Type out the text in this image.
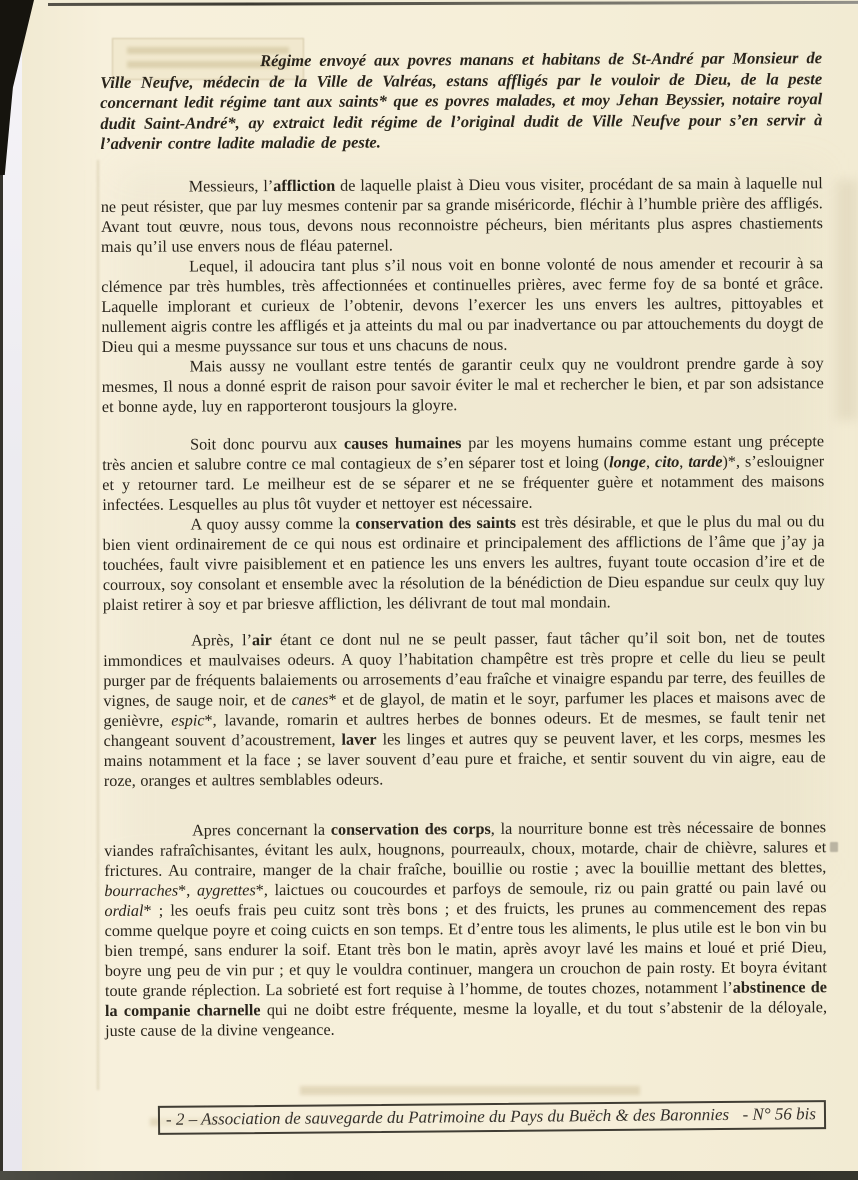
Régime envoyé aux povres manans et habitans de St-André par Monsieur de Ville Neufve, médecin de la Ville de Valréas, estans affligés par le vouloir de Dieu, de la peste concernant ledit régime tant aux saints* que es povres malades, et moy Jehan Beyssier, notaire royal dudit Saint-André*, ay extraict ledit régime de l’original dudit de Ville Neufve pour s’en servir à l’advenir contre ladite maladie de peste.

Messieurs, l’affliction de laquelle plaist à Dieu vous visiter, procédant de sa main à laquelle nul ne peut résister, que par luy mesmes contenir par sa grande miséricorde, fléchir à l’humble prière des affligés. Avant tout œuvre, nous tous, devons nous reconnoistre pécheurs, bien méritants plus aspres chastiements mais qu’il use envers nous de fléau paternel.

Lequel, il adoucira tant plus s’il nous voit en bonne volonté de nous amender et recourir à sa clémence par très humbles, très affectionnées et continuelles prières, avec ferme foy de sa bonté et grâce. Laquelle implorant et curieux de l’obtenir, devons l’exercer les uns envers les aultres, pittoyables et nullement aigris contre les affligés et ja atteints du mal ou par inadvertance ou par attouchements du doygt de Dieu qui a mesme puyssance sur tous et uns chacuns de nous.

Mais aussy ne voullant estre tentés de garantir ceulx quy ne vouldront prendre garde à soy mesmes, Il nous a donné esprit de raison pour savoir éviter le mal et rechercher le bien, et par son adsistance et bonne ayde, luy en rapporteront tousjours la gloyre.

Soit donc pourvu aux causes humaines par les moyens humains comme estant ung précepte très ancien et salubre contre ce mal contagieux de s’en séparer tost et loing (longe, cito, tarde)*, s’eslouigner et y retourner tard. Le meilheur est de se séparer et ne se fréquenter guère et notamment des maisons infectées. Lesquelles au plus tôt vuyder et nettoyer est nécessaire.

A quoy aussy comme la conservation des saints est très désirable, et que le plus du mal ou du bien vient ordinairement de ce qui nous est ordinaire et principalement des afflictions de l’âme que j’ay ja touchées, fault vivre paisiblement et en patience les uns envers les aultres, fuyant toute occasion d’ire et de courroux, soy consolant et ensemble avec la résolution de la bénédiction de Dieu espandue sur ceulx quy luy plaist retirer à soy et par briesve affliction, les délivrant de tout mal mondain.

Après, l’air étant ce dont nul ne se peult passer, faut tâcher qu’il soit bon, net de toutes immondices et maulvaises odeurs. A quoy l’habitation champêtre est très propre et celle du lieu se peult purger par de fréquents balaiements ou arrosements d’eau fraîche et vinaigre espandu par terre, des feuilles de vignes, de sauge noir, et de canes* et de glayol, de matin et le soyr, parfumer les places et maisons avec de genièvre, espic*, lavande, romarin et aultres herbes de bonnes odeurs. Et de mesmes, se fault tenir net changeant souvent d’acoustrement, laver les linges et autres quy se peuvent laver, et les corps, mesmes les mains notamment et la face ; se laver souvent d’eau pure et fraiche, et sentir souvent du vin aigre, eau de roze, oranges et aultres semblables odeurs.

Apres concernant la conservation des corps, la nourriture bonne est très nécessaire de bonnes viandes rafraîchisantes, évitant les aulx, hougnons, pourreaulx, choux, motarde, chair de chièvre, salures et frictures. Au contraire, manger de la chair fraîche, bouillie ou rostie ; avec la bouillie mettant des blettes, bourraches*, aygrettes*, laictues ou coucourdes et parfoys de semoule, riz ou pain gratté ou pain lavé ou ordial* ; les oeufs frais peu cuitz sont très bons ; et des fruicts, les prunes au commencement des repas comme quelque poyre et coing cuicts en son temps. Et d’entre tous les aliments, le plus utile est le bon vin bu bien trempé, sans endurer la soif. Etant très bon le matin, après avoyr lavé les mains et loué et prié Dieu, boyre ung peu de vin pur ; et quy le vouldra continuer, mangera un crouchon de pain rosty. Et boyra évitant toute grande réplection. La sobrieté est fort requise à l’homme, de toutes chozes, notamment l’abstinence de la companie charnelle qui ne doibt estre fréquente, mesme la loyalle, et du tout s’abstenir de la déloyale, juste cause de la divine vengeance.

- 2 – Association de sauvegarde du Patrimoine du Pays du Buëch & des Baronnies - N° 56 bis
